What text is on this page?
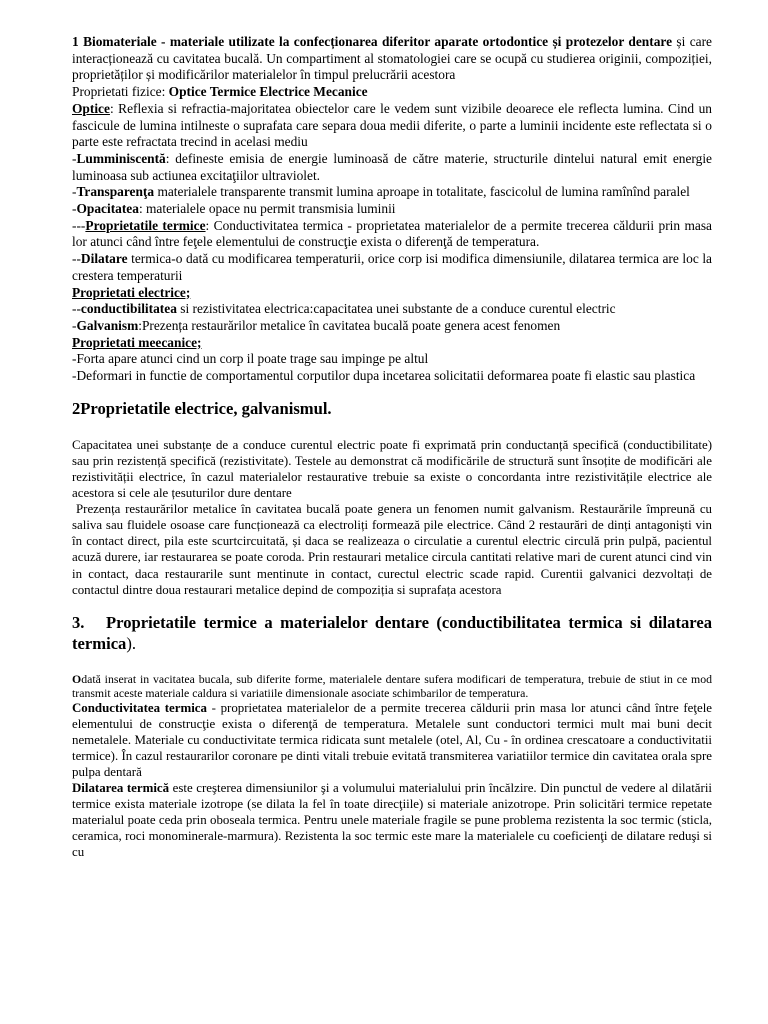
1 Biomateriale - materiale utilizate la confecționarea diferitor aparate ortodontice și protezelor dentare și care interacționează cu cavitatea bucală. Un compartiment al stomatologiei care se ocupă cu studierea originii, compoziției, proprietăților și modificărilor materialelor în timpul prelucrării acestora

Proprietati fizice: Optice Termice Electrice Mecanice

Optice: Reflexia si refractia-majoritatea obiectelor care le vedem sunt vizibile deoarece ele reflecta lumina. Cind un fascicule de lumina intilneste o suprafata care separa doua medii diferite, o parte a luminii incidente este reflectata si o parte este refractata trecind in acelasi mediu

-Lumminiscentă: defineste emisia de energie luminoasă de către materie, structurile dintelui natural emit energie luminoasa sub actiunea excitaţiilor ultraviolet.

-Transparenţa materialele transparente transmit lumina aproape in totalitate, fascicolul de lumina ramînînd paralel

-Opacitatea: materialele opace nu permit transmisia luminii

---Proprietatile termice: Conductivitatea termica - proprietatea materialelor de a permite trecerea căldurii prin masa lor atunci când între feţele elementului de construcţie exista o diferenţă de temperatura.

--Dilatare termica-o dată cu modificarea temperaturii, orice corp isi modifica dimensiunile, dilatarea termica are loc la crestera temperaturii

Proprietati electrice;

--conductibilitatea si rezistivitatea electrica:capacitatea unei substante de a conduce curentul electric

-Galvanism:Prezența restaurărilor metalice în cavitatea bucală poate genera acest fenomen

Proprietati meecanice;

-Forta apare atunci cind un corp il poate trage sau impinge pe altul

-Deformari in functie de comportamentul corputilor dupa incetarea solicitatii deformarea poate fi elastic sau plastica

2Proprietatile electrice, galvanismul.

Capacitatea unei substanțe de a conduce curentul electric poate fi exprimată prin conductanță specifică (conductibilitate) sau prin rezistență specifică (rezistivitate). Testele au demonstrat că modificările de structură sunt însoțite de modificări ale rezistivității electrice, în cazul materialelor restaurative trebuie sa existe o concordanta intre rezistivitățile electrice ale acestora si cele ale țesuturilor dure dentare

Prezența restaurărilor metalice în cavitatea bucală poate genera un fenomen numit galvanism. Restaurările împreună cu saliva sau fluidele osoase care funcționează ca electroliți formează pile electrice. Când 2 restaurări de dinți antagoniști vin în contact direct, pila este scurtcircuitată, și daca se realizeaza o circulatie a curentul electric circulă prin pulpă, pacientul acuză durere, iar restaurarea se poate coroda. Prin restaurari metalice circula cantitati relative mari de curent atunci cind vin in contact, daca restaurarile sunt mentinute in contact, curectul electric scade rapid. Curentii galvanici dezvoltați de contactul dintre doua restaurari metalice depind de compoziția si suprafața acestora

3. Proprietatile termice a materialelor dentare (conductibilitatea termica si dilatarea termica).

Odată inserat in vacitatea bucala, sub diferite forme, materialele dentare sufera modificari de temperatura, trebuie de stiut in ce mod transmit aceste materiale caldura si variatiile dimensionale asociate schimbarilor de temperatura.

Conductivitatea termica - proprietatea materialelor de a permite trecerea căldurii prin masa lor atunci când între feţele elementului de construcţie exista o diferenţă de temperatura. Metalele sunt conductori termici mult mai buni decit nemetalele. Materiale cu conductivitate termica ridicata sunt metalele (otel, Al, Cu - în ordinea crescatoare a conductivitatii termice). În cazul restaurarilor coronare pe dinti vitali trebuie evitată transmiterea variatiilor termice din cavitatea orala spre pulpa dentară

Dilatarea termică este creşterea dimensiunilor şi a volumului materialului prin încălzire. Din punctul de vedere al dilatării termice exista materiale izotrope (se dilata la fel în toate direcţiile) si materiale anizotrope. Prin solicitări termice repetate materialul poate ceda prin oboseala termica. Pentru unele materiale fragile se pune problema rezistenta la soc termic (sticla, ceramica, roci monominerale-marmura). Rezistenta la soc termic este mare la materialele cu coeficienţi de dilatare reduşi si cu
